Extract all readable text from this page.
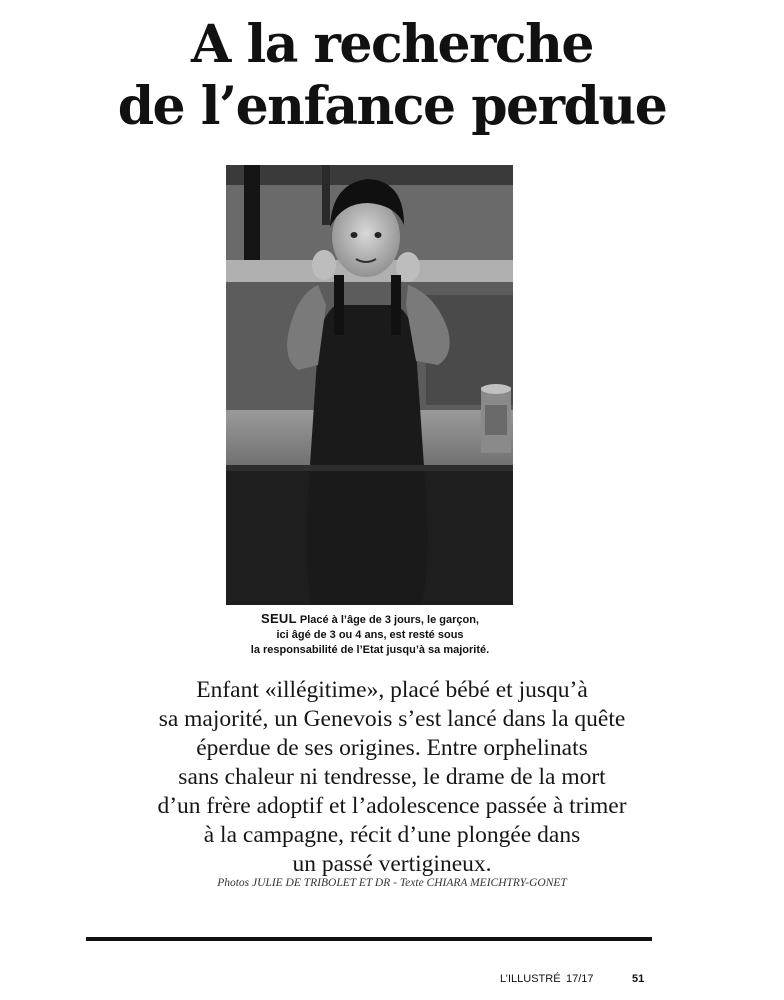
A la recherche
de l’enfance perdue
SEUL Placé à l’âge de 3 jours, le garçon,
ici âgé de 3 ou 4 ans, est resté sous
la responsabilité de l’Etat jusqu’à sa majorité.
Enfant «illégitime», placé bébé et jusqu’à
sa majorité, un Genevois s’est lancé dans la quête
éperdue de ses origines. Entre orphelinats
sans chaleur ni tendresse, le drame de la mort
d’un frère adoptif et l’adolescence passée à trimer
à la campagne, récit d’une plongée dans
un passé vertigineux.
Photos JULIE DE TRIBOLET ET DR - Texte CHIARA MEICHTRY-GONET
L’ILLUSTRÉ 17/17	51
